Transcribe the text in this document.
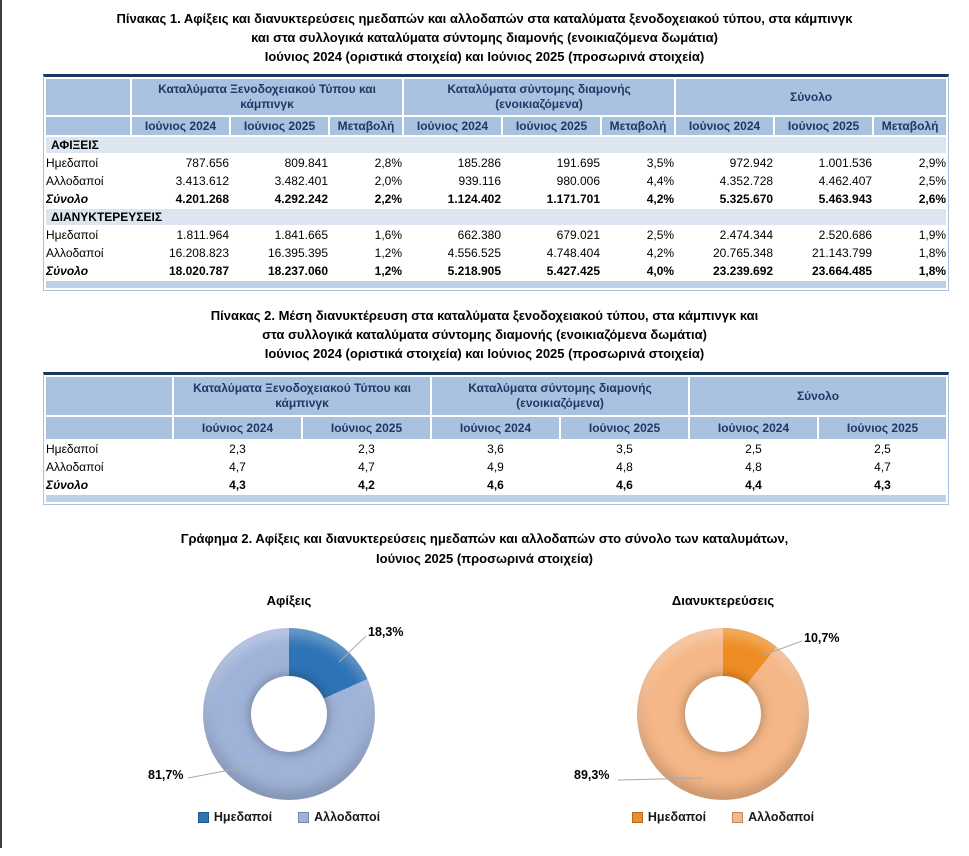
Πίνακας 1. Αφίξεις και διανυκτερεύσεις ημεδαπών και αλλοδαπών στα καταλύματα ξενοδοχειακού τύπου, στα κάμπινγκ
και στα συλλογικά καταλύματα σύντομης διαμονής (ενοικιαζόμενα δωμάτια)
Ιούνιος 2024 (οριστικά στοιχεία) και Ιούνιος 2025 (προσωρινά στοιχεία)
	Καταλύματα Ξενοδοχειακού Τύπου και κάμπινγκ			Καταλύματα σύντομης διαμονής (ενοικιαζόμενα)			Σύνολο		
	Ιούνιος 2024	Ιούνιος 2025	Μεταβολή	Ιούνιος 2024	Ιούνιος 2025	Μεταβολή	Ιούνιος 2024	Ιούνιος 2025	Μεταβολή
ΑΦΙΞΕΙΣ									
Ημεδαποί	787.656	809.841	2,8%	185.286	191.695	3,5%	972.942	1.001.536	2,9%
Αλλοδαποί	3.413.612	3.482.401	2,0%	939.116	980.006	4,4%	4.352.728	4.462.407	2,5%
Σύνολο	4.201.268	4.292.242	2,2%	1.124.402	1.171.701	4,2%	5.325.670	5.463.943	2,6%
ΔΙΑΝΥΚΤΕΡΕΥΣΕΙΣ									
Ημεδαποί	1.811.964	1.841.665	1,6%	662.380	679.021	2,5%	2.474.344	2.520.686	1,9%
Αλλοδαποί	16.208.823	16.395.395	1,2%	4.556.525	4.748.404	4,2%	20.765.348	21.143.799	1,8%
Σύνολο	18.020.787	18.237.060	1,2%	5.218.905	5.427.425	4,0%	23.239.692	23.664.485	1,8%

Πίνακας 2. Μέση διανυκτέρευση στα καταλύματα ξενοδοχειακού τύπου, στα κάμπινγκ και
στα συλλογικά καταλύματα σύντομης διαμονής (ενοικιαζόμενα δωμάτια)
Ιούνιος 2024 (οριστικά στοιχεία) και Ιούνιος 2025 (προσωρινά στοιχεία)
	Καταλύματα Ξενοδοχειακού Τύπου και κάμπινγκ		Καταλύματα σύντομης διαμονής (ενοικιαζόμενα)		Σύνολο	
	Ιούνιος 2024	Ιούνιος 2025	Ιούνιος 2024	Ιούνιος 2025	Ιούνιος 2024	Ιούνιος 2025
Ημεδαποί	2,3	2,3	3,6	3,5	2,5	2,5
Αλλοδαποί	4,7	4,7	4,9	4,8	4,8	4,7
Σύνολο	4,3	4,2	4,6	4,6	4,4	4,3

Γράφημα 2. Αφίξεις και διανυκτερεύσεις ημεδαπών και αλλοδαπών στο σύνολο των καταλυμάτων,
Ιούνιος 2025 (προσωρινά στοιχεία)
Αφίξεις
18,3%
81,7%
Ημεδαποί	Αλλοδαποί
Διανυκτερεύσεις
10,7%
89,3%
Ημεδαποί	Αλλοδαποί
